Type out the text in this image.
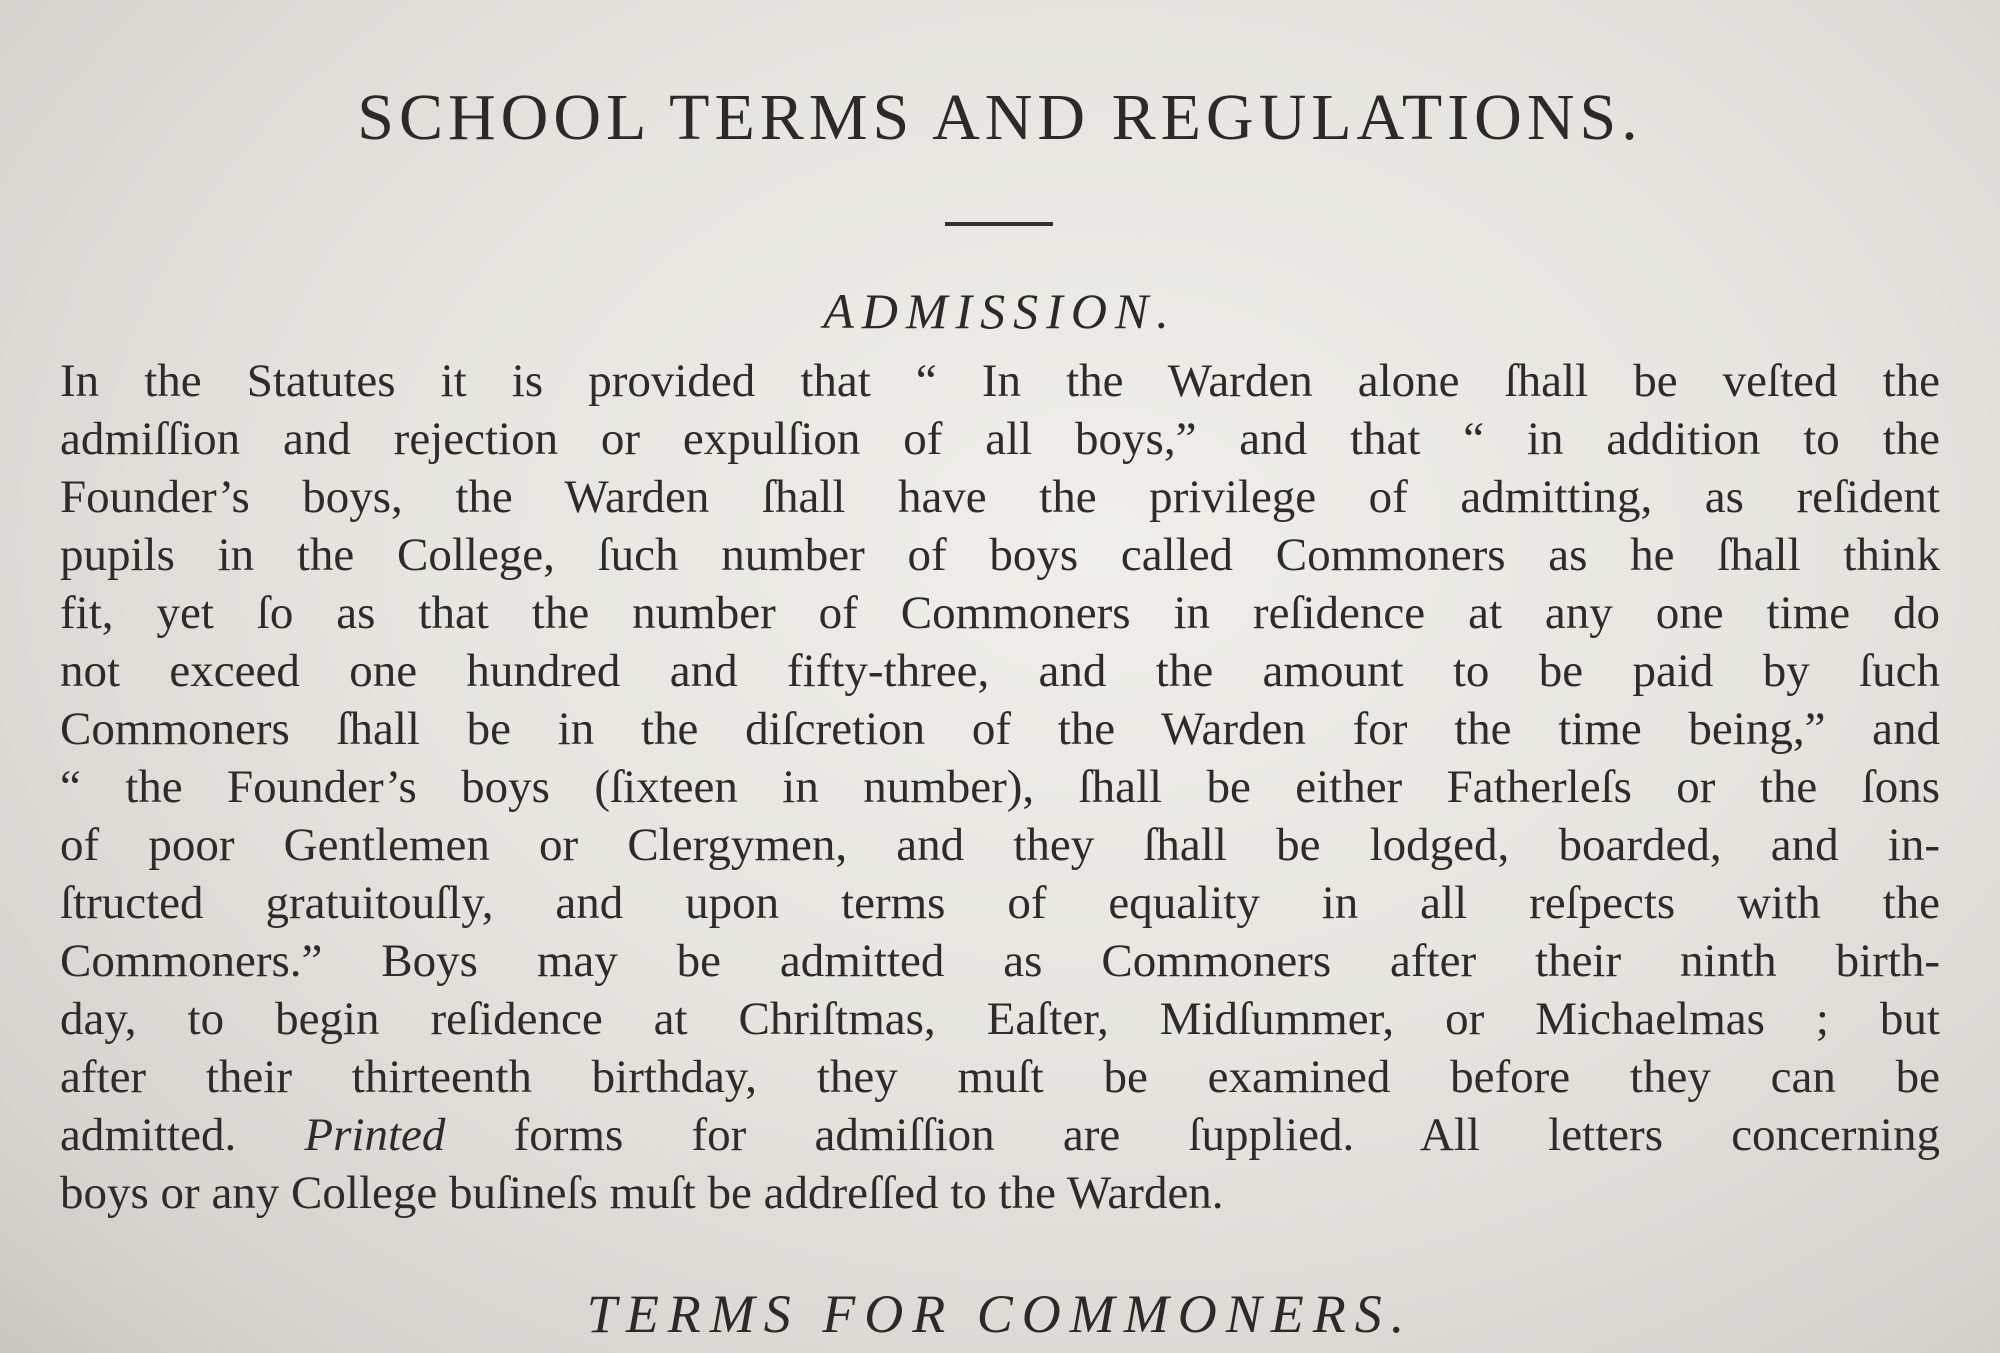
SCHOOL TERMS AND REGULATIONS.
ADMISSION.
In the Statutes it is provided that “ In the Warden alone ſhall be veſted the
admiſſion and rejection or expulſion of all boys,” and that “ in addition to the
Founder’s boys, the Warden ſhall have the privilege of admitting, as reſident
pupils in the College, ſuch number of boys called Commoners as he ſhall think
fit, yet ſo as that the number of Commoners in reſidence at any one time do
not exceed one hundred and fifty-three, and the amount to be paid by ſuch
Commoners ſhall be in the diſcretion of the Warden for the time being,” and
“ the Founder’s boys (ſixteen in number), ſhall be either Fatherleſs or the ſons
of poor Gentlemen or Clergymen, and they ſhall be lodged, boarded, and in-
ſtructed gratuitouſly, and upon terms of equality in all reſpects with the
Commoners.” Boys may be admitted as Commoners after their ninth birth-
day, to begin reſidence at Chriſtmas, Eaſter, Midſummer, or Michaelmas ; but
after their thirteenth birthday, they muſt be examined before they can be
admitted. Printed forms for admiſſion are ſupplied. All letters concerning
boys or any College buſineſs muſt be addreſſed to the Warden.
TERMS FOR COMMONERS.
